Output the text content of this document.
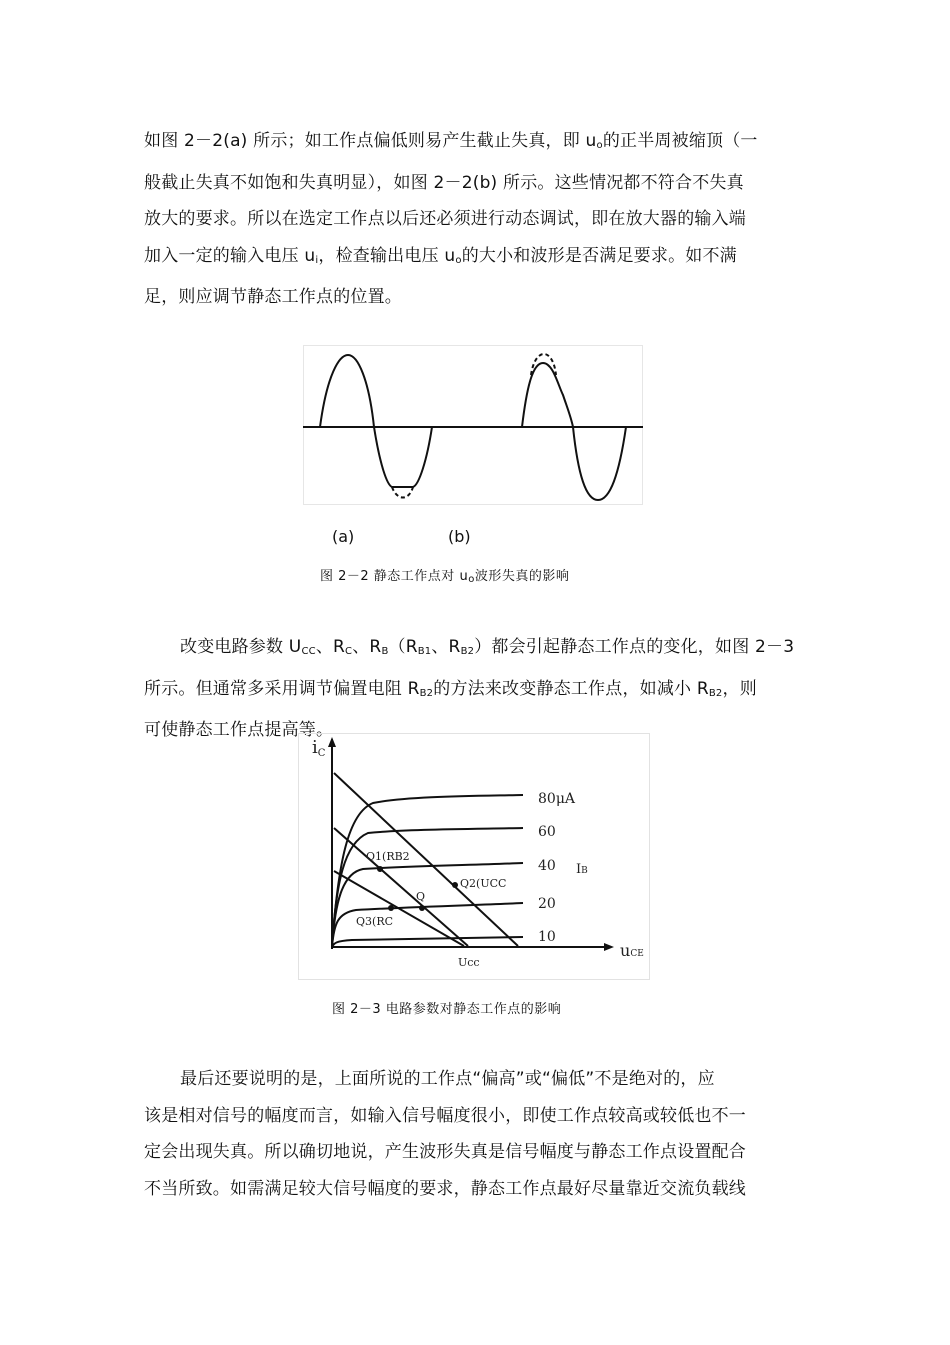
如图 2－2(a) 所示；如工作点偏低则易产生截止失真，即 $u_o$的正半周被缩顶（一

般截止失真不如饱和失真明显），如图 2－2(b) 所示。这些情况都不符合不失真

放大的要求。所以在选定工作点以后还必须进行动态调试，即在放大器的输入端

加入一定的输入电压 $u_i$，检查输出电压 $u_o$的大小和波形是否满足要求。如不满

足，则应调节静态工作点的位置。

(a)	(b)
图 2－2 静态工作点对 $u_o$波形失真的影响

改变电路参数 $U_{CC}$、$R_C$、$R_B(R_{B1}$、$R_{B2}$）都会引起静态工作点的变化，如图 2－3

所示。但通常多采用调节偏置电阻 $R_{B2}$的方法来改变静态工作点，如减小 $R_{B2}$，则

可使静态工作点提高等。

iC
uCE
80μA
60
40
20
10
IB
Q1(RB2
Q
Q2(UCC
Q3(RC
Ucc
图 2－3 电路参数对静态工作点的影响

最后还要说明的是，上面所说的工作点“偏高”或“偏低”不是绝对的，应

该是相对信号的幅度而言，如输入信号幅度很小，即使工作点较高或较低也不一

定会出现失真。所以确切地说，产生波形失真是信号幅度与静态工作点设置配合

不当所致。如需满足较大信号幅度的要求，静态工作点最好尽量靠近交流负载线
